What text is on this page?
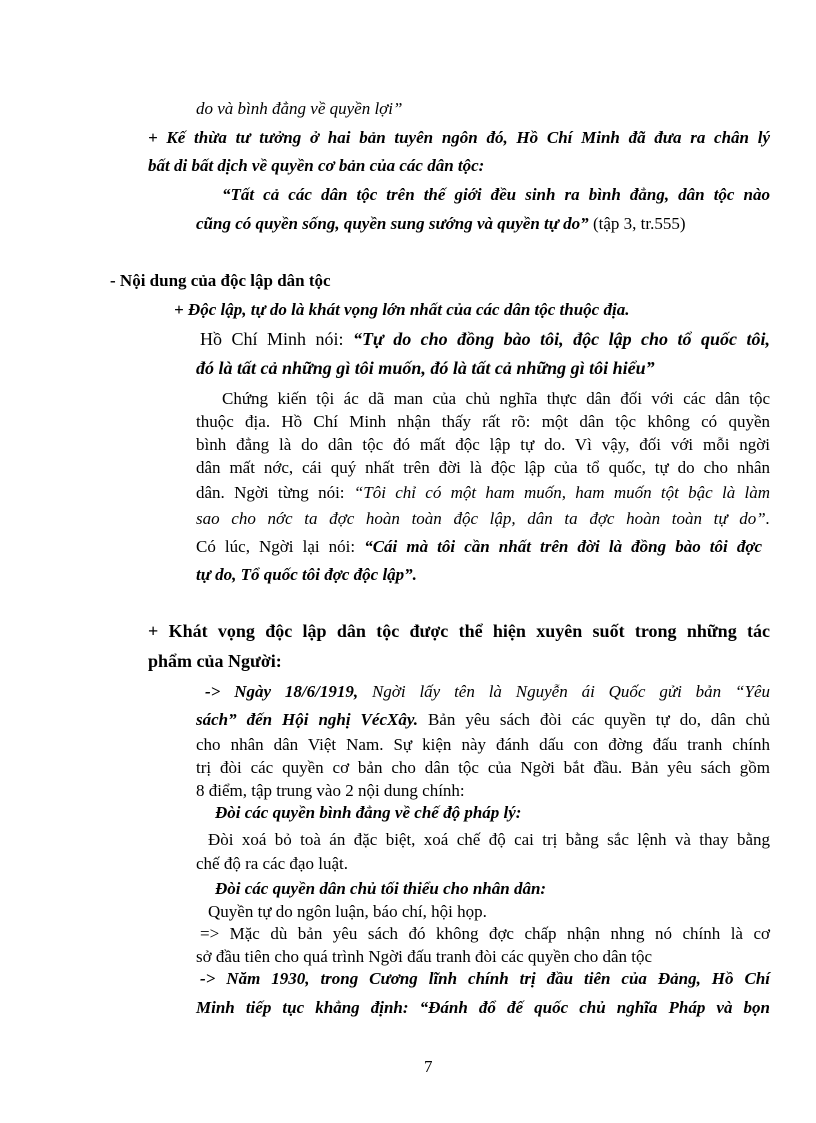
do và bình đẳng về quyền lợi”
+ Kế thừa tư tưởng ở hai bản tuyên ngôn đó, Hồ Chí Minh đã đưa ra chân lý
bất di bất dịch về quyền cơ bản của các dân tộc:
“Tất cả các dân tộc trên thế giới đều sinh ra bình đẳng, dân tộc nào
cũng có quyền sống, quyền sung sướng và quyền tự do” (tập 3, tr.555)
- Nội dung của độc lập dân tộc
+ Độc lập, tự do là khát vọng lớn nhất của các dân tộc thuộc địa.
Hồ Chí Minh nói: “Tự do cho đồng bào tôi, độc lập cho tổ quốc tôi,
đó là tất cả những gì tôi muốn, đó là tất cả những gì tôi hiểu”
Chứng kiến tội ác dã man của chủ nghĩa thực dân đối với các dân tộc
thuộc địa. Hồ Chí Minh nhận thấy rất rõ: một dân tộc không có quyền
bình đẳng là do dân tộc đó mất độc lập tự do. Vì vậy, đối với mỗi ngời
dân mất nớc, cái quý nhất trên đời là độc lập của tổ quốc, tự do cho nhân
dân. Ngời từng nói: “Tôi chỉ có một ham muốn, ham muốn tột bậc là làm
sao cho nớc ta đợc hoàn toàn độc lập, dân ta đợc hoàn toàn tự do”.
Có lúc, Ngời lại nói: “Cái mà tôi cần nhất trên đời là đồng bào tôi đợc
tự do, Tổ quốc tôi đợc độc lập”.
+ Khát vọng độc lập dân tộc được thể hiện xuyên suốt trong những tác
phẩm của Người:
-> Ngày 18/6/1919, Ngời lấy tên là Nguyễn ái Quốc gửi bản “Yêu
sách” đến Hội nghị VécXây. Bản yêu sách đòi các quyền tự do, dân chủ
cho nhân dân Việt Nam. Sự kiện này đánh dấu con đờng đấu tranh chính
trị đòi các quyền cơ bản cho dân tộc của Ngời bắt đầu. Bản yêu sách gồm
8 điểm, tập trung vào 2 nội dung chính:
Đòi các quyền bình đẳng về chế độ pháp lý:
Đòi xoá bỏ toà án đặc biệt, xoá chế độ cai trị bằng sắc lệnh và thay bằng
chế độ ra các đạo luật.
Đòi các quyền dân chủ tối thiểu cho nhân dân:
Quyền tự do ngôn luận, báo chí, hội họp.
=> Mặc dù bản yêu sách đó không đợc chấp nhận nhng nó chính là cơ
sở đầu tiên cho quá trình Ngời đấu tranh đòi các quyền cho dân tộc
-> Năm 1930, trong Cương lĩnh chính trị đầu tiên của Đảng, Hồ Chí
Minh tiếp tục khẳng định: “Đánh đổ đế quốc chủ nghĩa Pháp và bọn
7
